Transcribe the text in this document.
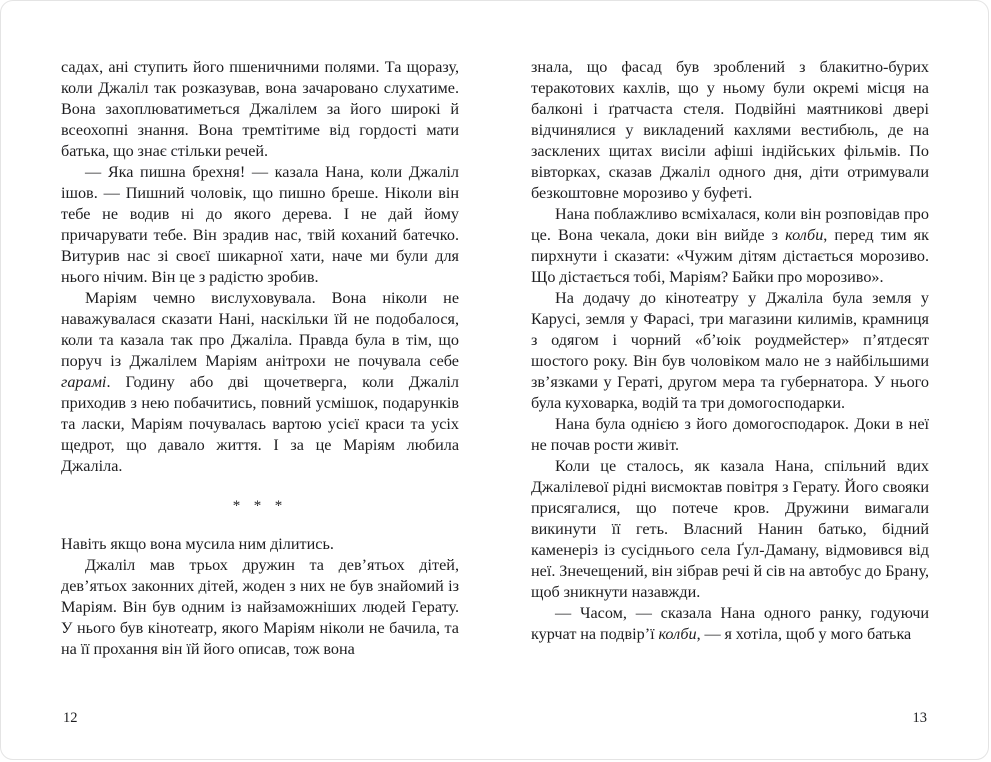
садах, ані ступить його пшеничними полями. Та щоразу, коли Джаліл так розказував, вона зачаровано слухатиме. Вона захоплюватиметься Джалілем за його широкі й всеохопні знання. Вона тремтітиме від гордості мати батька, що знає стільки речей.

— Яка пишна брехня! — казала Нана, коли Джаліл ішов. — Пишний чоловік, що пишно бреше. Ніколи він тебе не водив ні до якого дерева. І не дай йому причарувати тебе. Він зрадив нас, твій коханий батечко. Витурив нас зі своєї шикарної хати, наче ми були для нього нічим. Він це з радістю зробив.

Маріям чемно вислуховувала. Вона ніколи не наважувалася сказати Нані, наскільки їй не подобалося, коли та казала так про Джаліла. Правда була в тім, що поруч із Джалілем Маріям анітрохи не почувала себе гарамі. Годину або дві щочетверга, коли Джаліл приходив з нею побачитись, повний усмішок, подарунків та ласки, Маріям почувалась вартою усієї краси та усіх щедрот, що давало життя. І за це Маріям любила Джаліла.

* * *

Навіть якщо вона мусила ним ділитись.

Джаліл мав трьох дружин та дев’ятьох дітей, дев’ятьох законних дітей, жоден з них не був знайомий із Маріям. Він був одним із найзаможніших людей Герату. У нього був кінотеатр, якого Маріям ніколи не бачила, та на її прохання він їй його описав, тож вона

12

знала, що фасад був зроблений з блакитно-бурих теракотових кахлів, що у ньому були окремі місця на балконі і ґратчаста стеля. Подвійні маятникові двері відчинялися у викладений кахлями вестибюль, де на засклених щитах висіли афіші індійських фільмів. По вівторках, сказав Джаліл одного дня, діти отримували безкоштовне морозиво у буфеті.

Нана поблажливо всміхалася, коли він розповідав про це. Вона чекала, доки він вийде з колби, перед тим як пирхнути і сказати: «Чужим дітям дістається морозиво. Що дістається тобі, Маріям? Байки про морозиво».

На додачу до кінотеатру у Джаліла була земля у Карусі, земля у Фарасі, три магазини килимів, крамниця з одягом і чорний «б’юік роудмейстер» п’ятдесят шостого року. Він був чоловіком мало не з найбільшими зв’язками у Гераті, другом мера та губернатора. У нього була куховарка, водій та три домогосподарки.

Нана була однією з його домогосподарок. Доки в неї не почав рости живіт.

Коли це сталось, як казала Нана, спільний вдих Джалілевої рідні висмоктав повітря з Герату. Його свояки присягалися, що потече кров. Дружини вимагали викинути її геть. Власний Нанин батько, бідний каменеріз із сусіднього села Ґул-Даману, відмовився від неї. Знечещений, він зібрав речі й сів на автобус до Брану, щоб зникнути назавжди.

— Часом, — сказала Нана одного ранку, годуючи курчат на подвір’ї колби, — я хотіла, щоб у мого батька

13
